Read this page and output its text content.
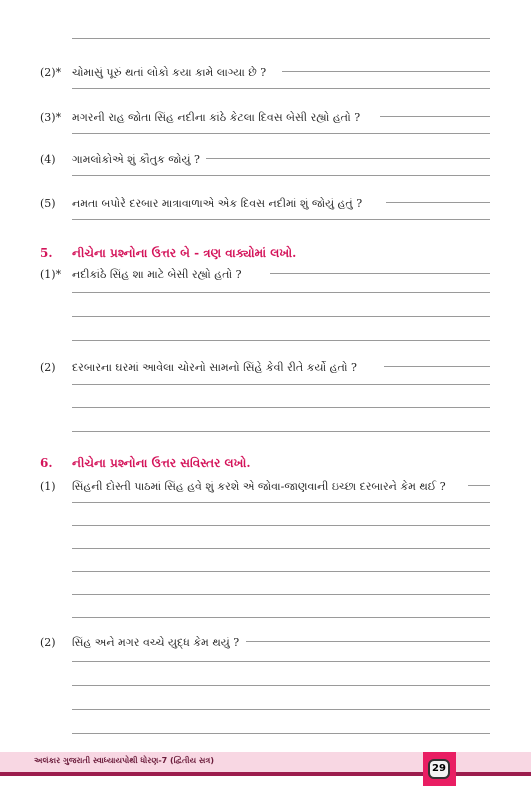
(2)* ચોમાસું પૂરું થતાં લોકો કયા કામે લાગ્યા છે ?
(3)* મગરની રાહ જોતા સિંહ નદીના કાંઠે કેટલા દિવસ બેસી રહ્યો હતો ?
(4) ગામલોકોએ શું કૌતુક જોયું ?
(5) નમતા બપોરે દરબાર માત્રાવાળાએ એક દિવસ નદીમાં શું જોયું હતું ?
5. નીચેના પ્રશ્નોના ઉત્તર બે - ત્રણ વાક્યોમાં લખો.
(1)* નદીકાંઠે સિંહ શા માટે બેસી રહ્યો હતો ?
(2) દરબારના ઘરમાં આવેલા ચોરનો સામનો સિંહે કેવી રીતે કર્યો હતો ?
6. નીચેના પ્રશ્નોના ઉત્તર સવિસ્તર લખો.
(1) સિંહની દોસ્તી પાઠમાં સિંહ હવે શું કરશે એ જોવા-જાણવાની ઇચ્છા દરબારને કેમ થઈ ?
(2) સિંહ અને મગર વચ્ચે યુદ્ધ કેમ થયું ?
અલંકાર ગુજરાતી સ્વાધ્યાયપોથી ધોરણ-7 (દ્વિતીય સત્ર)
29
